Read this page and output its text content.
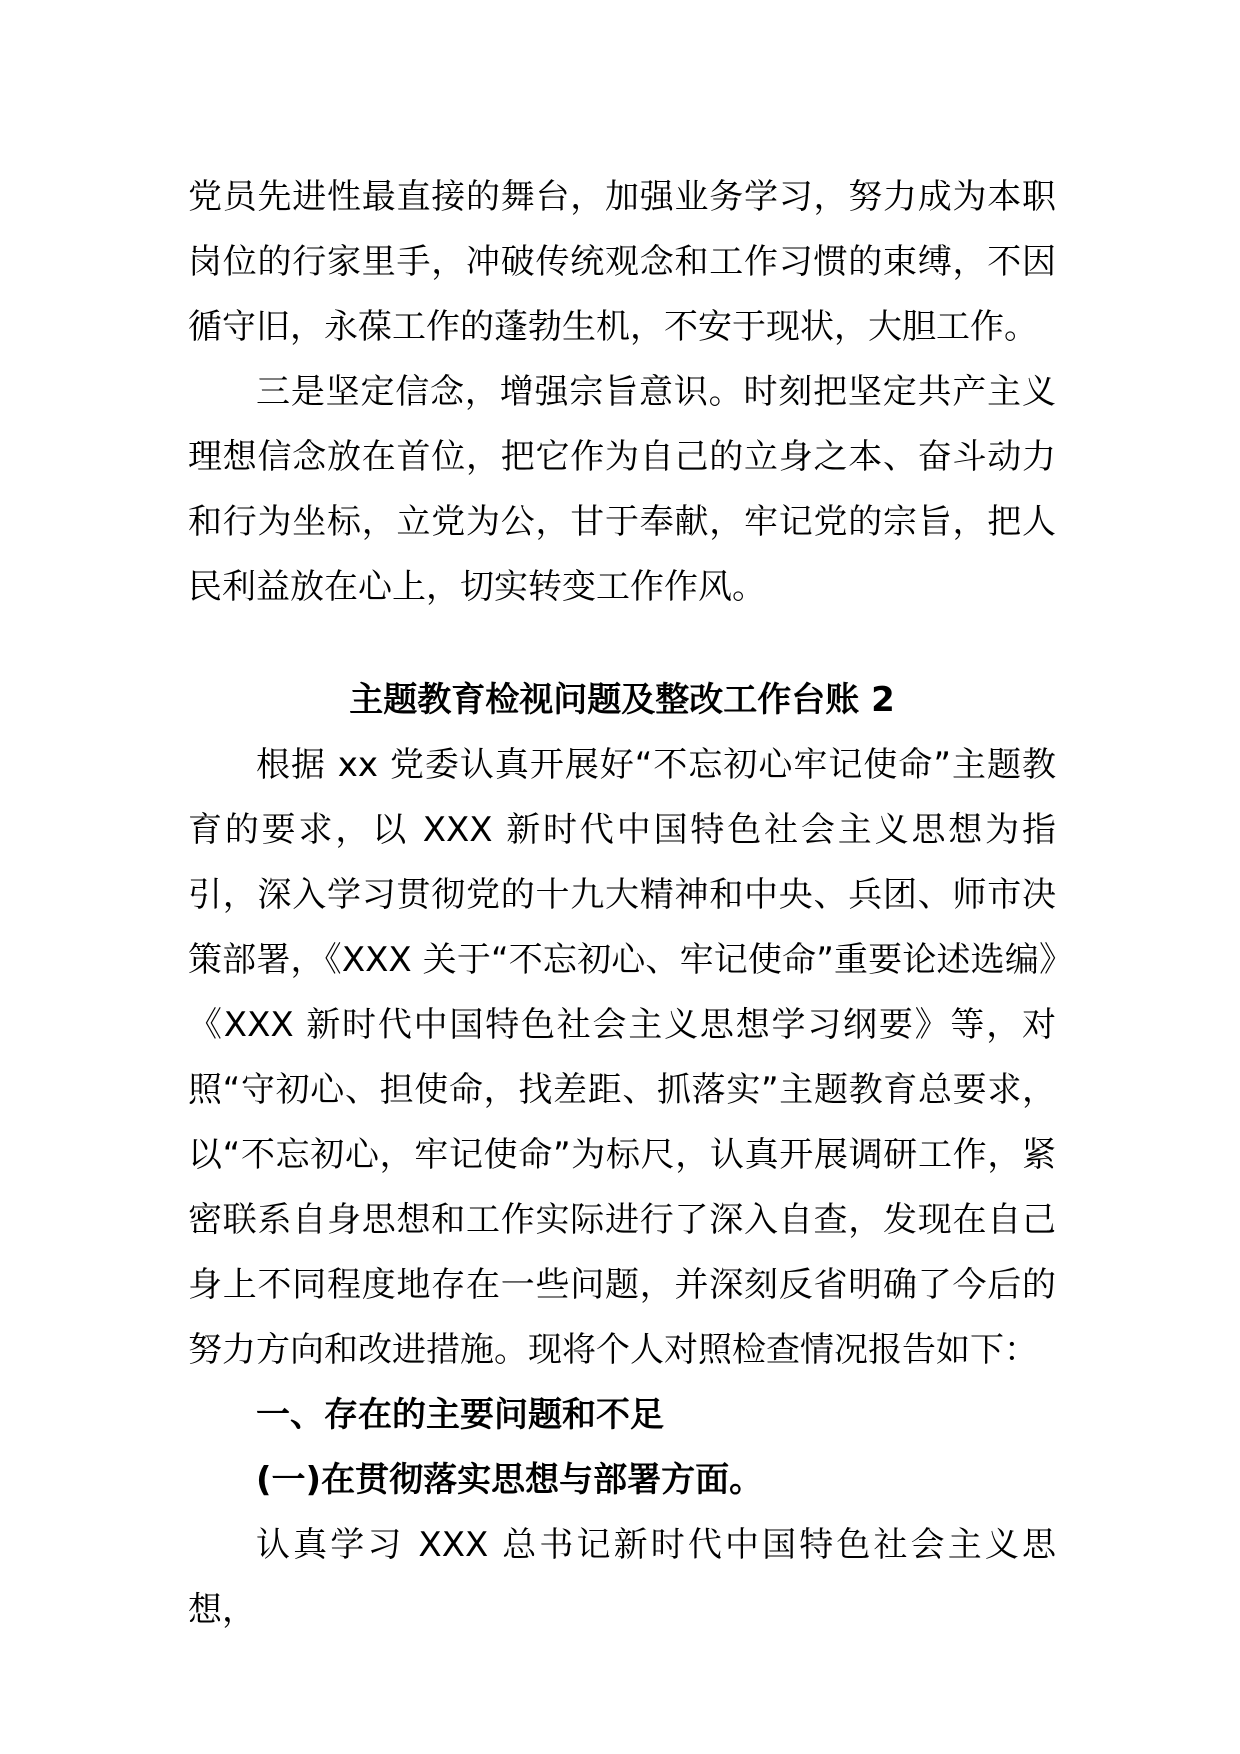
党员先进性最直接的舞台，加强业务学习，努力成为本职岗位的行家里手，冲破传统观念和工作习惯的束缚，不因循守旧，永葆工作的蓬勃生机，不安于现状，大胆工作。

三是坚定信念，增强宗旨意识。时刻把坚定共产主义理想信念放在首位，把它作为自己的立身之本、奋斗动力和行为坐标，立党为公，甘于奉献，牢记党的宗旨，把人民利益放在心上，切实转变工作作风。

主题教育检视问题及整改工作台账 2

根据 xx 党委认真开展好“不忘初心牢记使命”主题教育的要求，以 XXX 新时代中国特色社会主义思想为指引，深入学习贯彻党的十九大精神和中央、兵团、师市决策部署，《XXX 关于“不忘初心、牢记使命”重要论述选编》《XXX 新时代中国特色社会主义思想学习纲要》等，对照“守初心、担使命，找差距、抓落实”主题教育总要求，以“不忘初心，牢记使命”为标尺，认真开展调研工作，紧密联系自身思想和工作实际进行了深入自查，发现在自己身上不同程度地存在一些问题，并深刻反省明确了今后的努力方向和改进措施。现将个人对照检查情况报告如下：

一、存在的主要问题和不足

(一)在贯彻落实思想与部署方面。

认真学习 XXX 总书记新时代中国特色社会主义思想，
